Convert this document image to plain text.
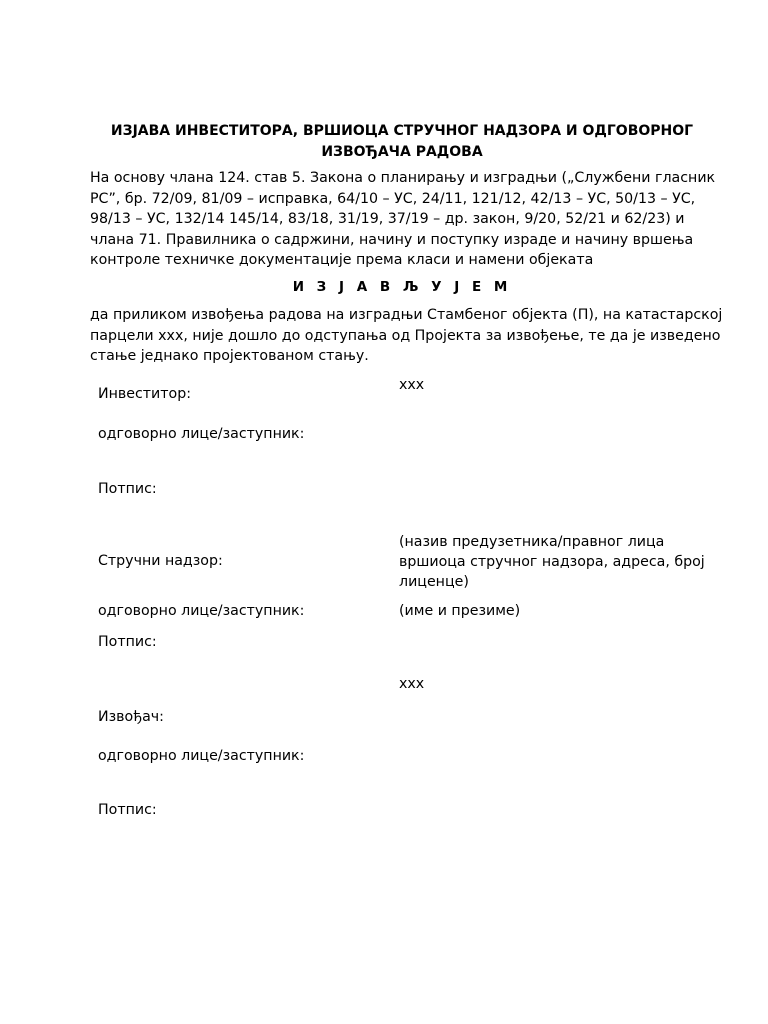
ИЗЈАВА ИНВЕСТИТОРА, ВРШИОЦА СТРУЧНОГ НАДЗОРА И ОДГОВОРНОГ
ИЗВОЂАЧА РАДОВА
На основу члана 124. став 5. Закона о планирању и изградњи („Службени гласник
РС”, бр. 72/09, 81/09 – исправка, 64/10 – УС, 24/11, 121/12, 42/13 – УС, 50/13 – УС,
98/13 – УС, 132/14 145/14, 83/18, 31/19, 37/19 – др. закон, 9/20, 52/21 и 62/23) и
члана 71. Правилника о садржини, начину и поступку израде и начину вршења
контроле техничке документације према класи и намени објеката
И З Ј А В Љ У Ј Е М
да приликом извођења радова на изградњи Стамбеног објекта (П), на катастарској
парцели ххх, није дошло до одступања од Пројекта за извођење, те да је изведено
стање једнако пројектованом стању.
ххх
Инвеститор:
одговорно лице/заступник:
Потпис:
(назив предузетника/правног лица
вршиоца стручног надзора, адреса, број
лиценце)
Стручни надзор:
одговорно лице/заступник:	(име и презиме)
Потпис:
ххх
Извођач:
одговорно лице/заступник:
Потпис:
